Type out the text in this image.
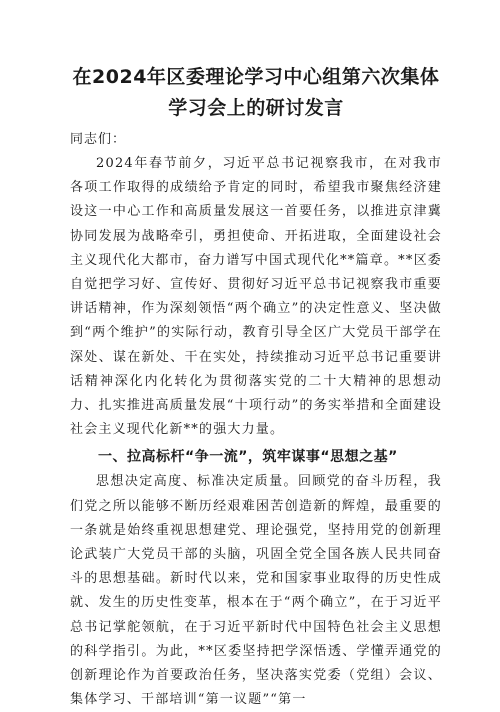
在2024年区委理论学习中心组第六次集体
学习会上的研讨发言

同志们：

2024年春节前夕，习近平总书记视察我市，在对我市各项工作取得的成绩给予肯定的同时，希望我市聚焦经济建设这一中心工作和高质量发展这一首要任务，以推进京津冀协同发展为战略牵引，勇担使命、开拓进取，全面建设社会主义现代化大都市，奋力谱写中国式现代化**篇章。**区委自觉把学习好、宣传好、贯彻好习近平总书记视察我市重要讲话精神，作为深刻领悟“两个确立”的决定性意义、坚决做到“两个维护”的实际行动，教育引导全区广大党员干部学在深处、谋在新处、干在实处，持续推动习近平总书记重要讲话精神深化内化转化为贯彻落实党的二十大精神的思想动力、扎实推进高质量发展“十项行动”的务实举措和全面建设社会主义现代化新**的强大力量。

一、拉高标杆“争一流”，筑牢谋事“思想之基”

思想决定高度、标准决定质量。回顾党的奋斗历程，我们党之所以能够不断历经艰难困苦创造新的辉煌，最重要的一条就是始终重视思想建党、理论强党，坚持用党的创新理论武装广大党员干部的头脑，巩固全党全国各族人民共同奋斗的思想基础。新时代以来，党和国家事业取得的历史性成就、发生的历史性变革，根本在于“两个确立”，在于习近平总书记掌舵领航，在于习近平新时代中国特色社会主义思想的科学指引。为此，**区委坚持把学深悟透、学懂弄通党的创新理论作为首要政治任务，坚决落实党委（党组）会议、集体学习、干部培训“第一议题”“第一
